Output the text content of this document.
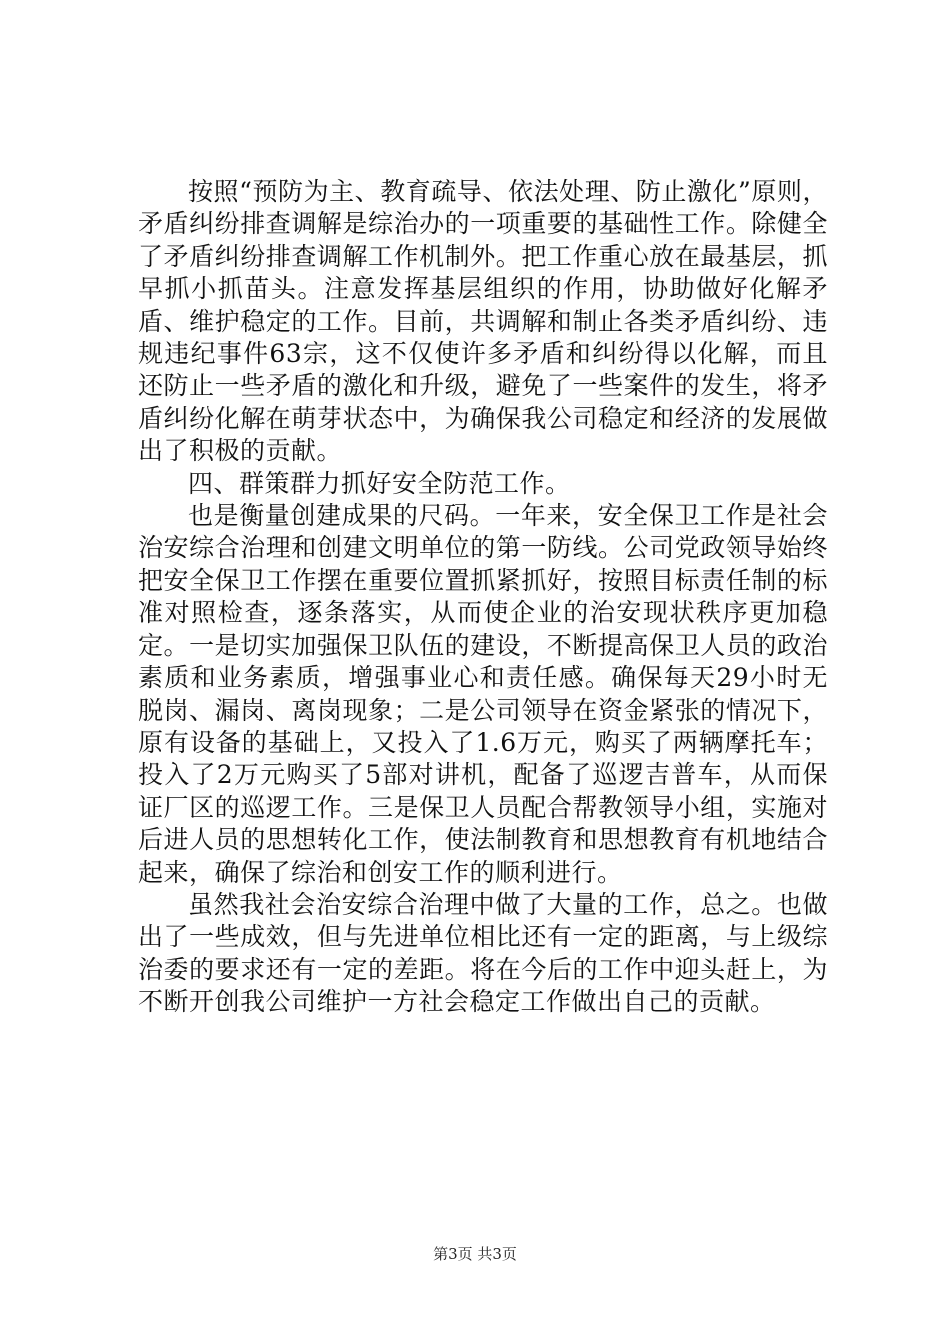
按照“预防为主、教育疏导、依法处理、防止激化”原则，矛盾纠纷排查调解是综治办的一项重要的基础性工作。除健全了矛盾纠纷排查调解工作机制外。把工作重心放在最基层，抓早抓小抓苗头。注意发挥基层组织的作用，协助做好化解矛盾、维护稳定的工作。目前，共调解和制止各类矛盾纠纷、违规违纪事件63宗，这不仅使许多矛盾和纠纷得以化解，而且还防止一些矛盾的激化和升级，避免了一些案件的发生，将矛盾纠纷化解在萌芽状态中，为确保我公司稳定和经济的发展做出了积极的贡献。

四、群策群力抓好安全防范工作。

也是衡量创建成果的尺码。一年来，安全保卫工作是社会治安综合治理和创建文明单位的第一防线。公司党政领导始终把安全保卫工作摆在重要位置抓紧抓好，按照目标责任制的标准对照检查，逐条落实，从而使企业的治安现状秩序更加稳定。一是切实加强保卫队伍的建设，不断提高保卫人员的政治素质和业务素质，增强事业心和责任感。确保每天29小时无脱岗、漏岗、离岗现象；二是公司领导在资金紧张的情况下，原有设备的基础上，又投入了1.6万元，购买了两辆摩托车；投入了2万元购买了5部对讲机，配备了巡逻吉普车，从而保证厂区的巡逻工作。三是保卫人员配合帮教领导小组，实施对后进人员的思想转化工作，使法制教育和思想教育有机地结合起来，确保了综治和创安工作的顺利进行。

虽然我社会治安综合治理中做了大量的工作，总之。也做出了一些成效，但与先进单位相比还有一定的距离，与上级综治委的要求还有一定的差距。将在今后的工作中迎头赶上，为不断开创我公司维护一方社会稳定工作做出自己的贡献。

第3页 共3页
